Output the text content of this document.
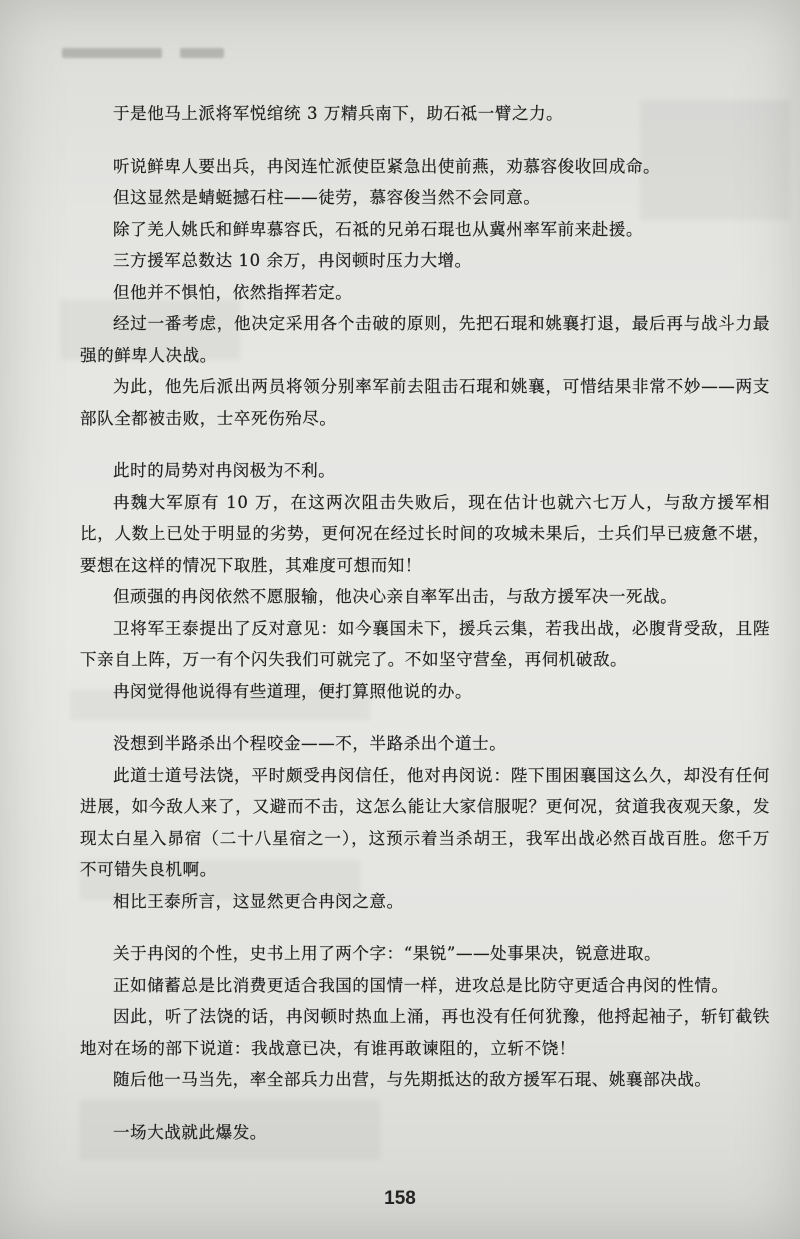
于是他马上派将军悦绾统 3 万精兵南下，助石祗一臂之力。

听说鲜卑人要出兵，冉闵连忙派使臣紧急出使前燕，劝慕容俊收回成命。

但这显然是蜻蜓撼石柱——徒劳，慕容俊当然不会同意。

除了羌人姚氏和鲜卑慕容氏，石祗的兄弟石琨也从冀州率军前来赴援。

三方援军总数达 10 余万，冉闵顿时压力大增。

但他并不惧怕，依然指挥若定。

经过一番考虑，他决定采用各个击破的原则，先把石琨和姚襄打退，最后再与战斗力最强的鲜卑人决战。

为此，他先后派出两员将领分别率军前去阻击石琨和姚襄，可惜结果非常不妙——两支部队全都被击败，士卒死伤殆尽。

此时的局势对冉闵极为不利。

冉魏大军原有 10 万，在这两次阻击失败后，现在估计也就六七万人，与敌方援军相比，人数上已处于明显的劣势，更何况在经过长时间的攻城未果后，士兵们早已疲惫不堪，要想在这样的情况下取胜，其难度可想而知！

但顽强的冉闵依然不愿服输，他决心亲自率军出击，与敌方援军决一死战。

卫将军王泰提出了反对意见：如今襄国未下，援兵云集，若我出战，必腹背受敌，且陛下亲自上阵，万一有个闪失我们可就完了。不如坚守营垒，再伺机破敌。

冉闵觉得他说得有些道理，便打算照他说的办。

没想到半路杀出个程咬金——不，半路杀出个道士。

此道士道号法饶，平时颇受冉闵信任，他对冉闵说：陛下围困襄国这么久，却没有任何进展，如今敌人来了，又避而不击，这怎么能让大家信服呢？更何况，贫道我夜观天象，发现太白星入昴宿（二十八星宿之一），这预示着当杀胡王，我军出战必然百战百胜。您千万不可错失良机啊。

相比王泰所言，这显然更合冉闵之意。

关于冉闵的个性，史书上用了两个字：“果锐”——处事果决，锐意进取。

正如储蓄总是比消费更适合我国的国情一样，进攻总是比防守更适合冉闵的性情。

因此，听了法饶的话，冉闵顿时热血上涌，再也没有任何犹豫，他捋起袖子，斩钉截铁地对在场的部下说道：我战意已决，有谁再敢谏阻的，立斩不饶！

随后他一马当先，率全部兵力出营，与先期抵达的敌方援军石琨、姚襄部决战。

一场大战就此爆发。

158
